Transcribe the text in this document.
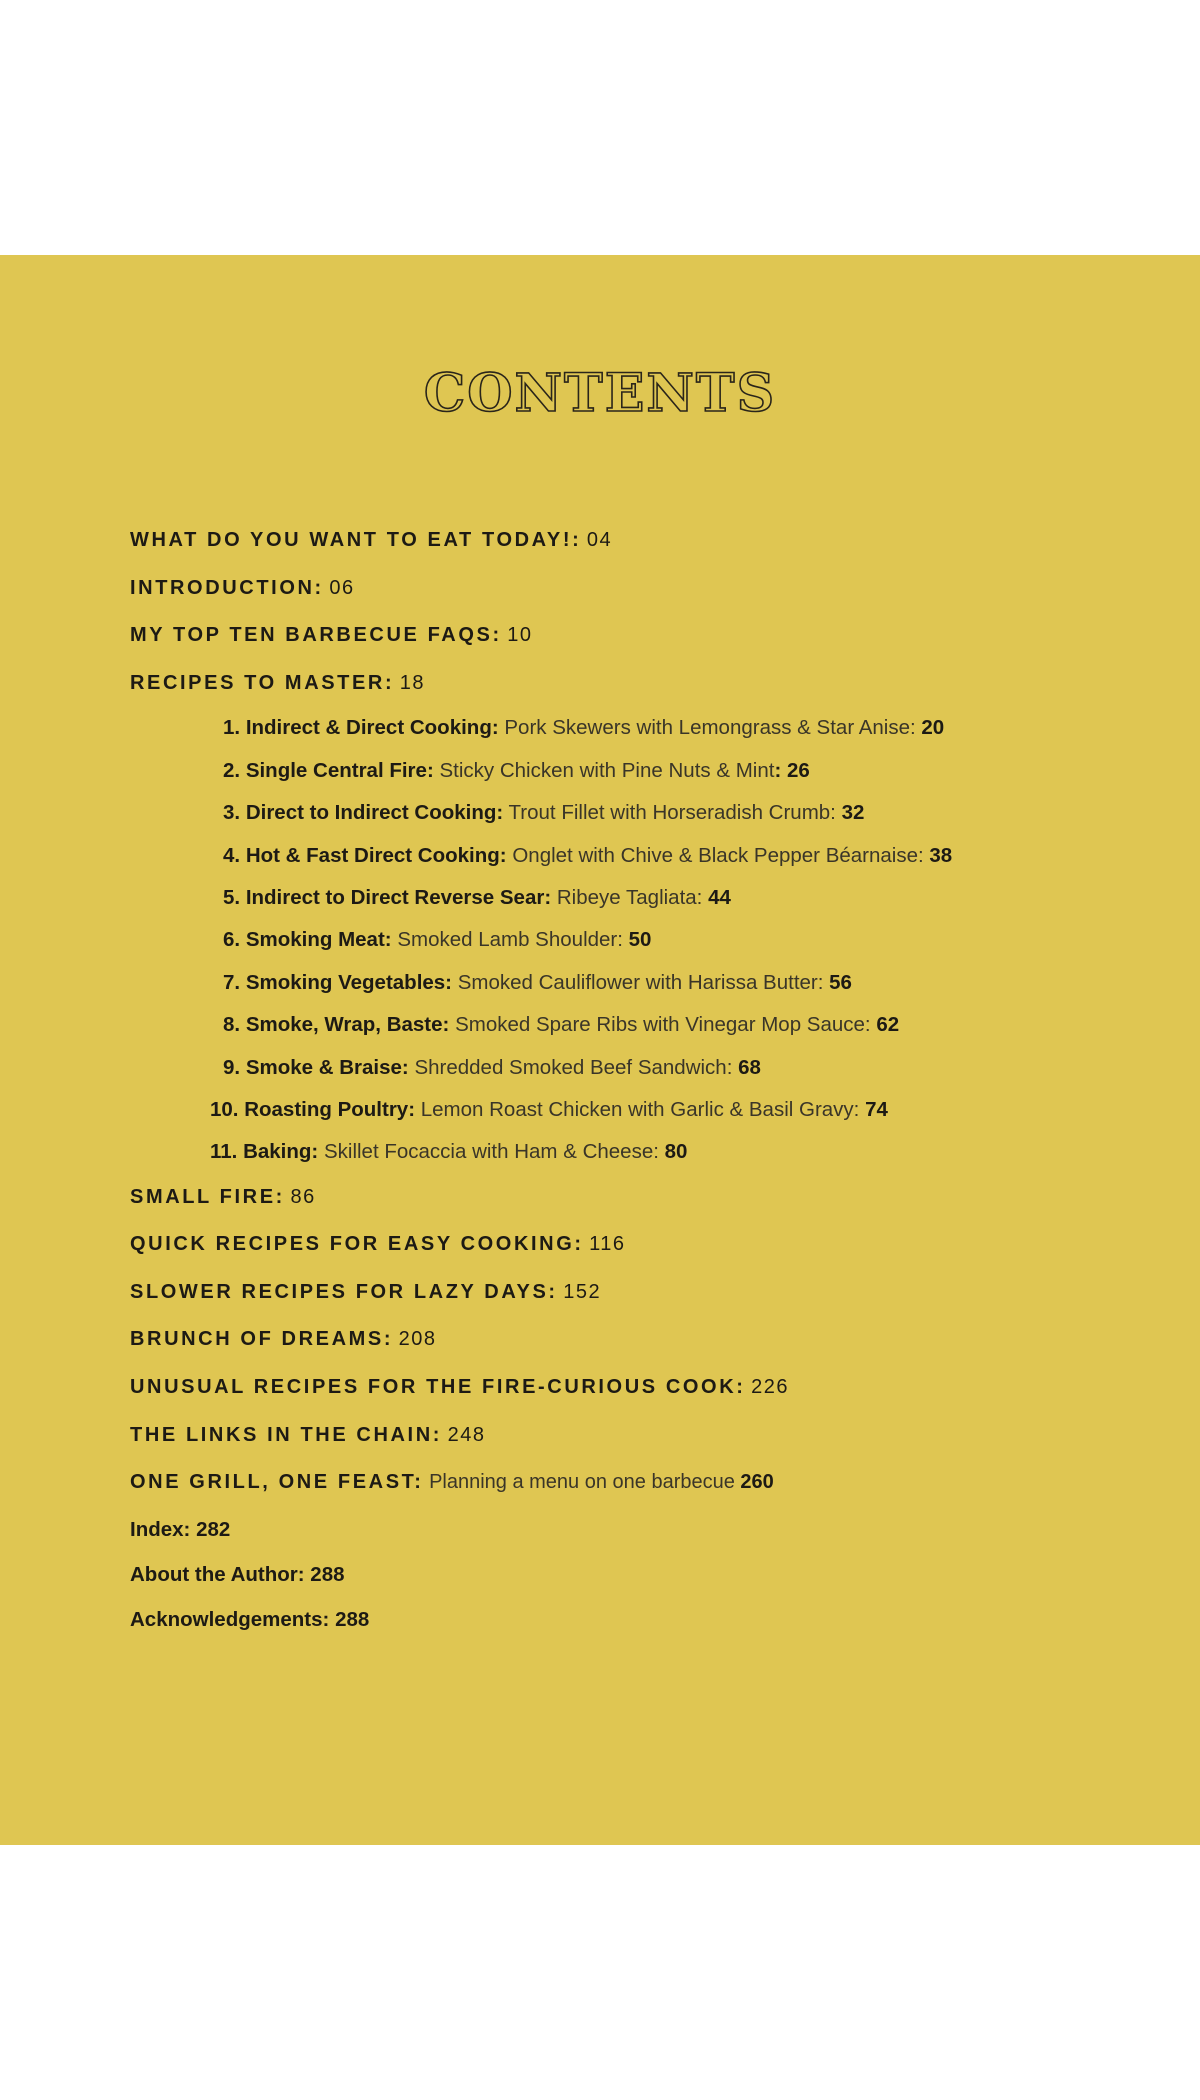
CONTENTS
WHAT DO YOU WANT TO EAT TODAY!: 04
INTRODUCTION: 06
MY TOP TEN BARBECUE FAQS: 10
RECIPES TO MASTER: 18
1. Indirect & Direct Cooking: Pork Skewers with Lemongrass & Star Anise: 20
2. Single Central Fire: Sticky Chicken with Pine Nuts & Mint: 26
3. Direct to Indirect Cooking: Trout Fillet with Horseradish Crumb: 32
4. Hot & Fast Direct Cooking: Onglet with Chive & Black Pepper Béarnaise: 38
5. Indirect to Direct Reverse Sear: Ribeye Tagliata: 44
6. Smoking Meat: Smoked Lamb Shoulder: 50
7. Smoking Vegetables: Smoked Cauliflower with Harissa Butter: 56
8. Smoke, Wrap, Baste: Smoked Spare Ribs with Vinegar Mop Sauce: 62
9. Smoke & Braise: Shredded Smoked Beef Sandwich: 68
10. Roasting Poultry: Lemon Roast Chicken with Garlic & Basil Gravy: 74
11. Baking: Skillet Focaccia with Ham & Cheese: 80
SMALL FIRE: 86
QUICK RECIPES FOR EASY COOKING: 116
SLOWER RECIPES FOR LAZY DAYS: 152
BRUNCH OF DREAMS: 208
UNUSUAL RECIPES FOR THE FIRE-CURIOUS COOK: 226
THE LINKS IN THE CHAIN: 248
ONE GRILL, ONE FEAST: Planning a menu on one barbecue 260
Index: 282
About the Author: 288
Acknowledgements: 288
